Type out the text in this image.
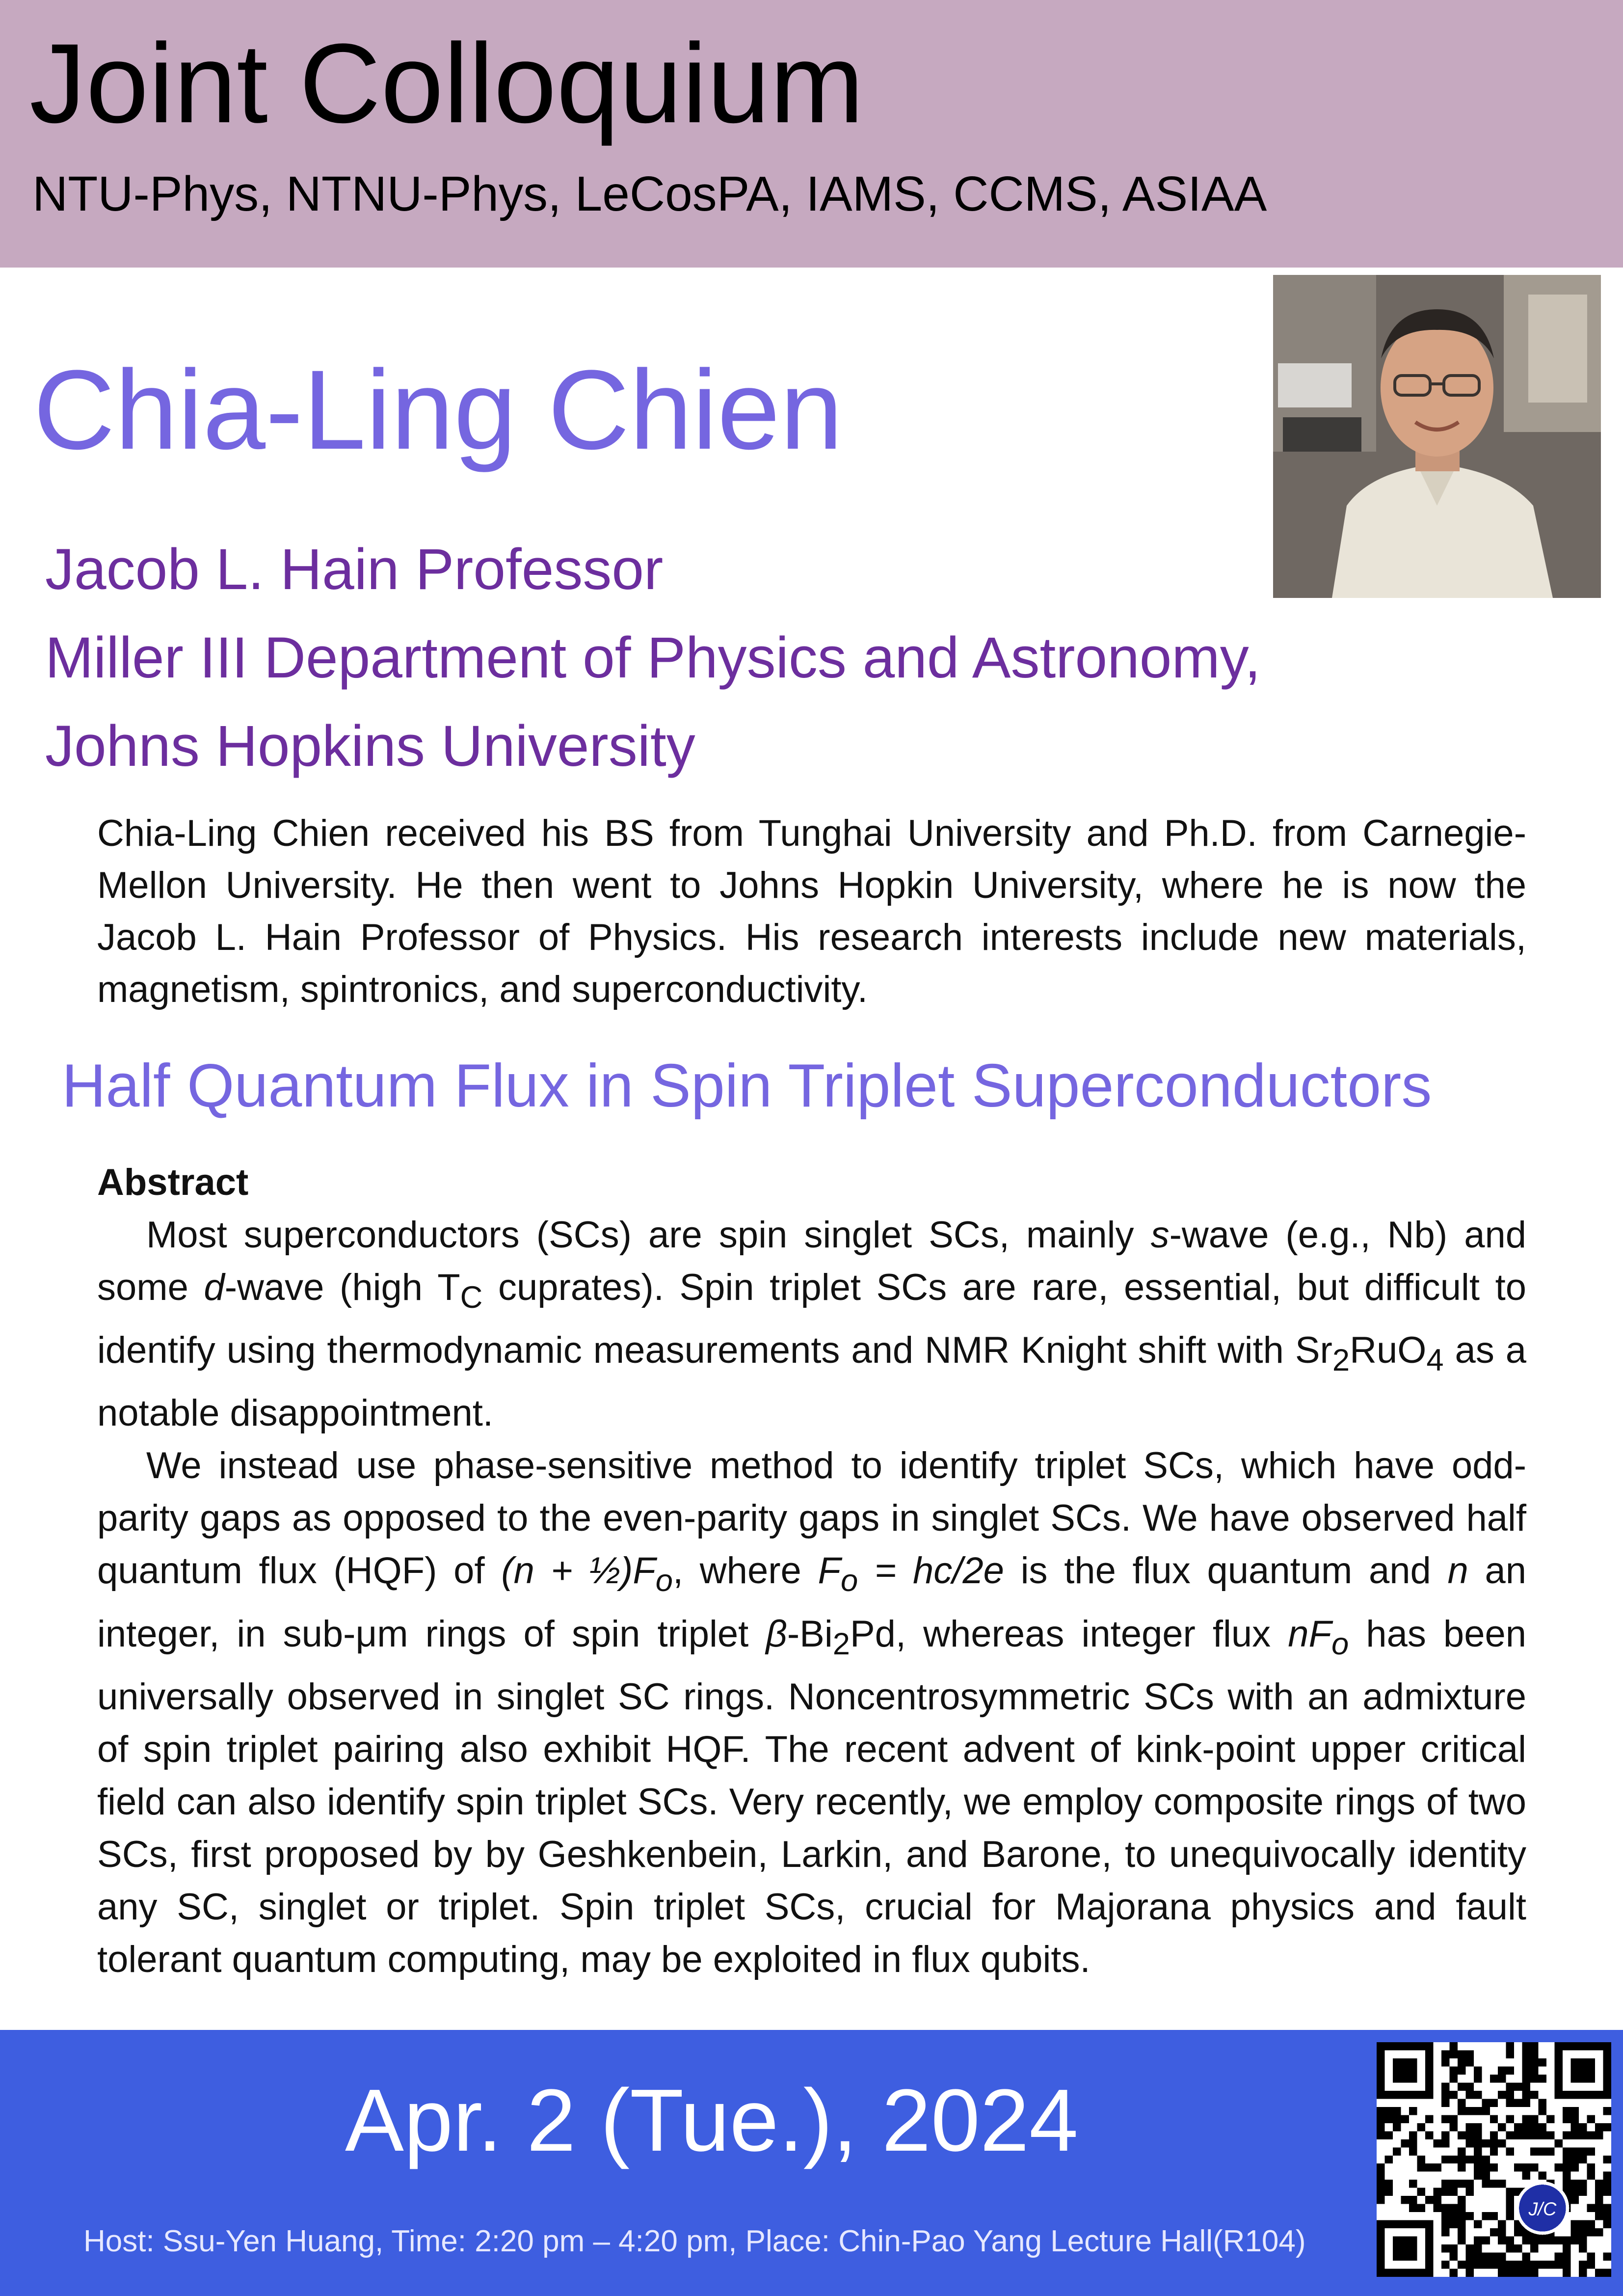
Joint Colloquium
NTU-Phys, NTNU-Phys, LeCosPA, IAMS, CCMS, ASIAA
Chia-Ling Chien
Jacob L. Hain Professor
Miller III Department of Physics and Astronomy,
Johns Hopkins University
Chia-Ling Chien received his BS from Tunghai University and Ph.D. from Carnegie-Mellon University. He then went to Johns Hopkin University, where he is now the Jacob L. Hain Professor of Physics. His research interests include new materials, magnetism, spintronics, and superconductivity.
Half Quantum Flux in Spin Triplet Superconductors
Abstract

Most superconductors (SCs) are spin singlet SCs, mainly s-wave (e.g., Nb) and some d-wave (high $T_C$ cuprates). Spin triplet SCs are rare, essential, but difficult to identify using thermodynamic measurements and NMR Knight shift with $Sr_2RuO_4$ as a notable disappointment.

We instead use phase-sensitive method to identify triplet SCs, which have odd-parity gaps as opposed to the even-parity gaps in singlet SCs. We have observed half quantum flux (HQF) of $(n + \frac{1}{2})F_o$, where $F_o = hc/2e$ is the flux quantum and n an integer, in sub-μm rings of spin triplet $\beta-Bi_2Pd$, whereas integer flux $nF_o$ has been universally observed in singlet SC rings. Noncentrosymmetric SCs with an admixture of spin triplet pairing also exhibit HQF. The recent advent of kink-point upper critical field can also identify spin triplet SCs. Very recently, we employ composite rings of two SCs, first proposed by by Geshkenbein, Larkin, and Barone, to unequivocally identity any SC, singlet or triplet. Spin triplet SCs, crucial for Majorana physics and fault tolerant quantum computing, may be exploited in flux qubits.

Apr. 2 (Tue.), 2024
Host: Ssu-Yen Huang, Time: 2:20 pm – 4:20 pm, Place: Chin-Pao Yang Lecture Hall(R104)
J/C
